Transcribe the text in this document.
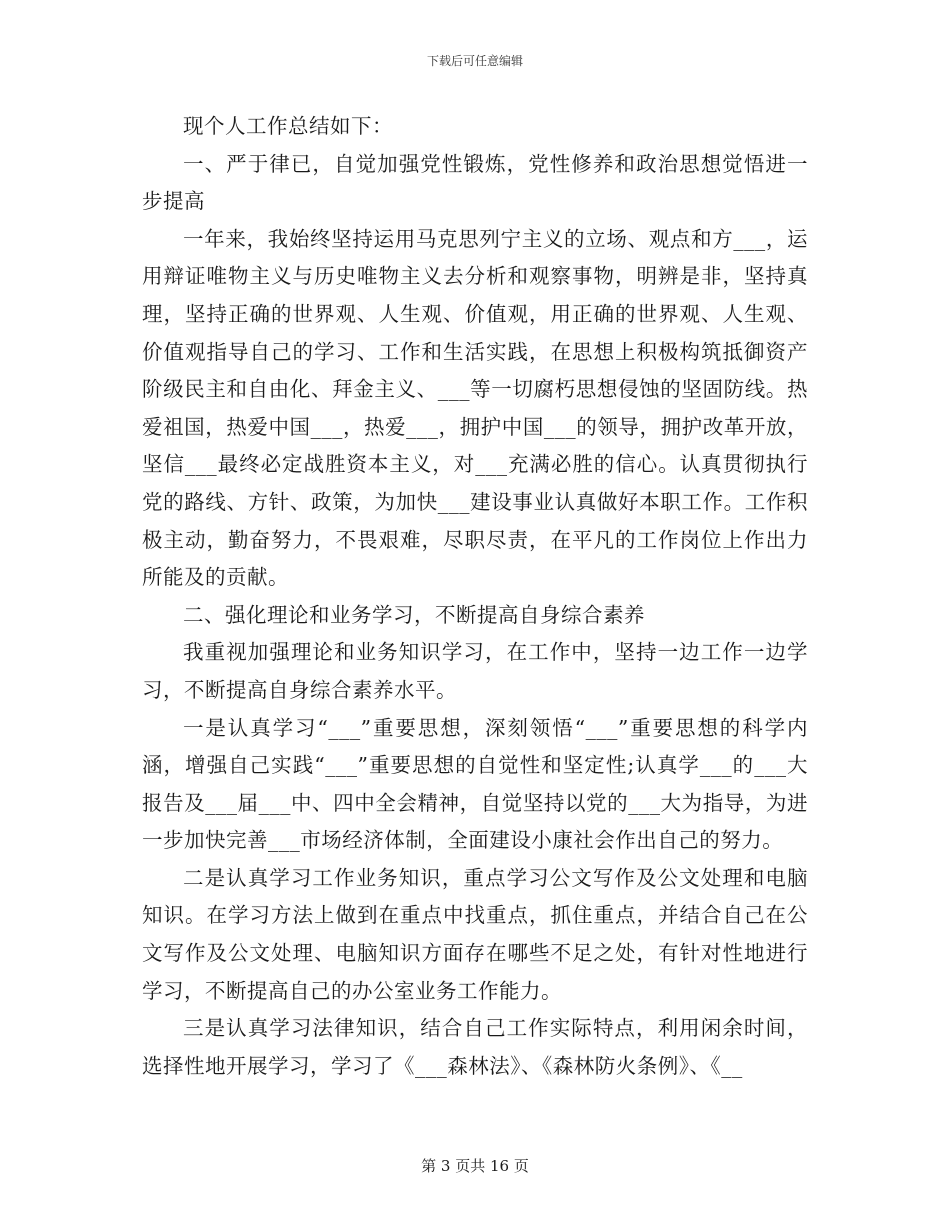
下载后可任意编辑

现个人工作总结如下：

一、严于律已，自觉加强党性锻炼，党性修养和政治思想觉悟进一步提高

一年来，我始终坚持运用马克思列宁主义的立场、观点和方___，运用辩证唯物主义与历史唯物主义去分析和观察事物，明辨是非，坚持真理，坚持正确的世界观、人生观、价值观，用正确的世界观、人生观、价值观指导自己的学习、工作和生活实践，在思想上积极构筑抵御资产阶级民主和自由化、拜金主义、___等一切腐朽思想侵蚀的坚固防线。热爱祖国，热爱中国___，热爱___，拥护中国___的领导，拥护改革开放，坚信___最终必定战胜资本主义，对___充满必胜的信心。认真贯彻执行党的路线、方针、政策，为加快___建设事业认真做好本职工作。工作积极主动，勤奋努力，不畏艰难，尽职尽责，在平凡的工作岗位上作出力所能及的贡献。

二、强化理论和业务学习，不断提高自身综合素养

我重视加强理论和业务知识学习，在工作中，坚持一边工作一边学习，不断提高自身综合素养水平。

一是认真学习“___”重要思想，深刻领悟“___”重要思想的科学内涵，增强自己实践“___”重要思想的自觉性和坚定性;认真学___的___大报告及___届___中、四中全会精神，自觉坚持以党的___大为指导，为进一步加快完善___市场经济体制，全面建设小康社会作出自己的努力。

二是认真学习工作业务知识，重点学习公文写作及公文处理和电脑知识。在学习方法上做到在重点中找重点，抓住重点，并结合自己在公文写作及公文处理、电脑知识方面存在哪些不足之处，有针对性地进行学习，不断提高自己的办公室业务工作能力。

三是认真学习法律知识，结合自己工作实际特点，利用闲余时间，选择性地开展学习，学习了《___森林法》、《森林防火条例》、《__

第 3 页共 16 页
